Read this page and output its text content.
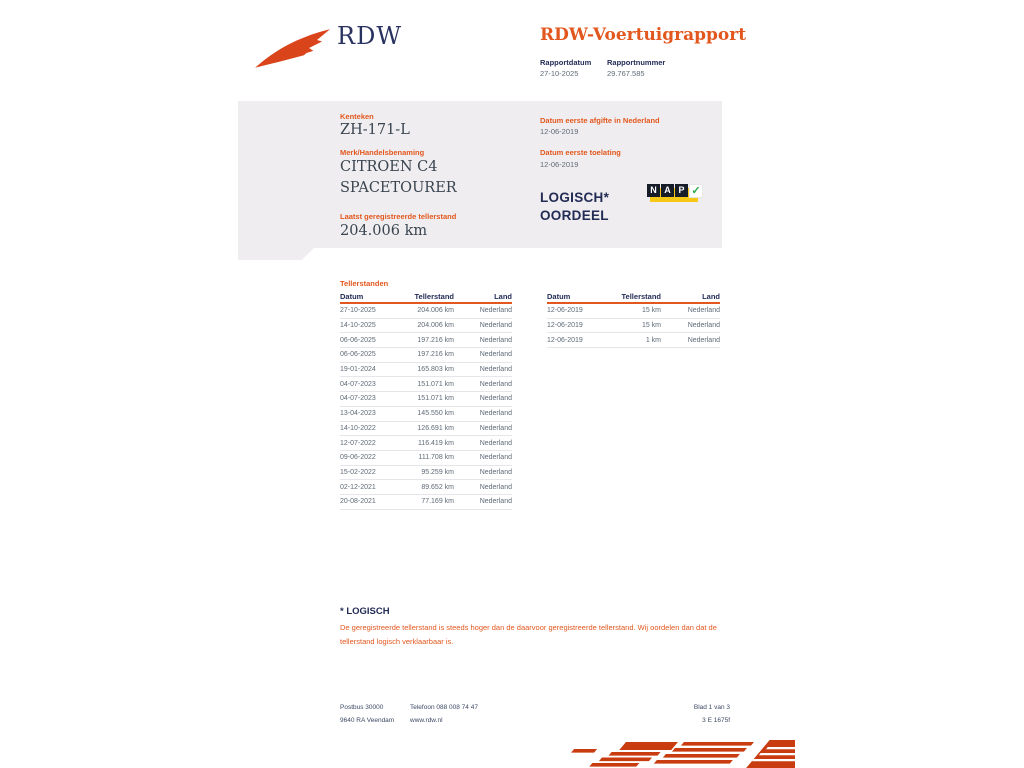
RDW	RDW-Voertuigrapport
Rapportdatum Rapportnummer
27-10-2025	29.767.585
Kenteken
ZH-171-L
Merk/Handelsbenaming
CITROEN C4
SPACETOURER
Laatst geregistreerde tellerstand
204.006 km
Datum eerste afgifte in Nederland
12-06-2019
Datum eerste toelating
12-06-2019
LOGISCH*
OORDEEL
N A P ✓
Tellerstanden
Datum	Tellerstand	Land
27-10-2025	204.006 km	Nederland
14-10-2025	204.006 km	Nederland
06-06-2025	197.216 km	Nederland
06-06-2025	197.216 km	Nederland
19-01-2024	165.803 km	Nederland
04-07-2023	151.071 km	Nederland
04-07-2023	151.071 km	Nederland
13-04-2023	145.550 km	Nederland
14-10-2022	126.691 km	Nederland
12-07-2022	116.419 km	Nederland
09-06-2022	111.708 km	Nederland
15-02-2022	95.259 km	Nederland
02-12-2021	89.652 km	Nederland
20-08-2021	77.169 km	Nederland
Datum	Tellerstand	Land
12-06-2019	15 km	Nederland
12-06-2019	15 km	Nederland
12-06-2019	1 km	Nederland
* LOGISCH
De geregistreerde tellerstand is steeds hoger dan de daarvoor geregistreerde tellerstand. Wij oordelen dan dat de tellerstand logisch verklaarbaar is.
Postbus 30000
9640 RA Veendam
Telefoon 088 008 74 47
www.rdw.nl
Blad 1 van 3
3 E 1675f
